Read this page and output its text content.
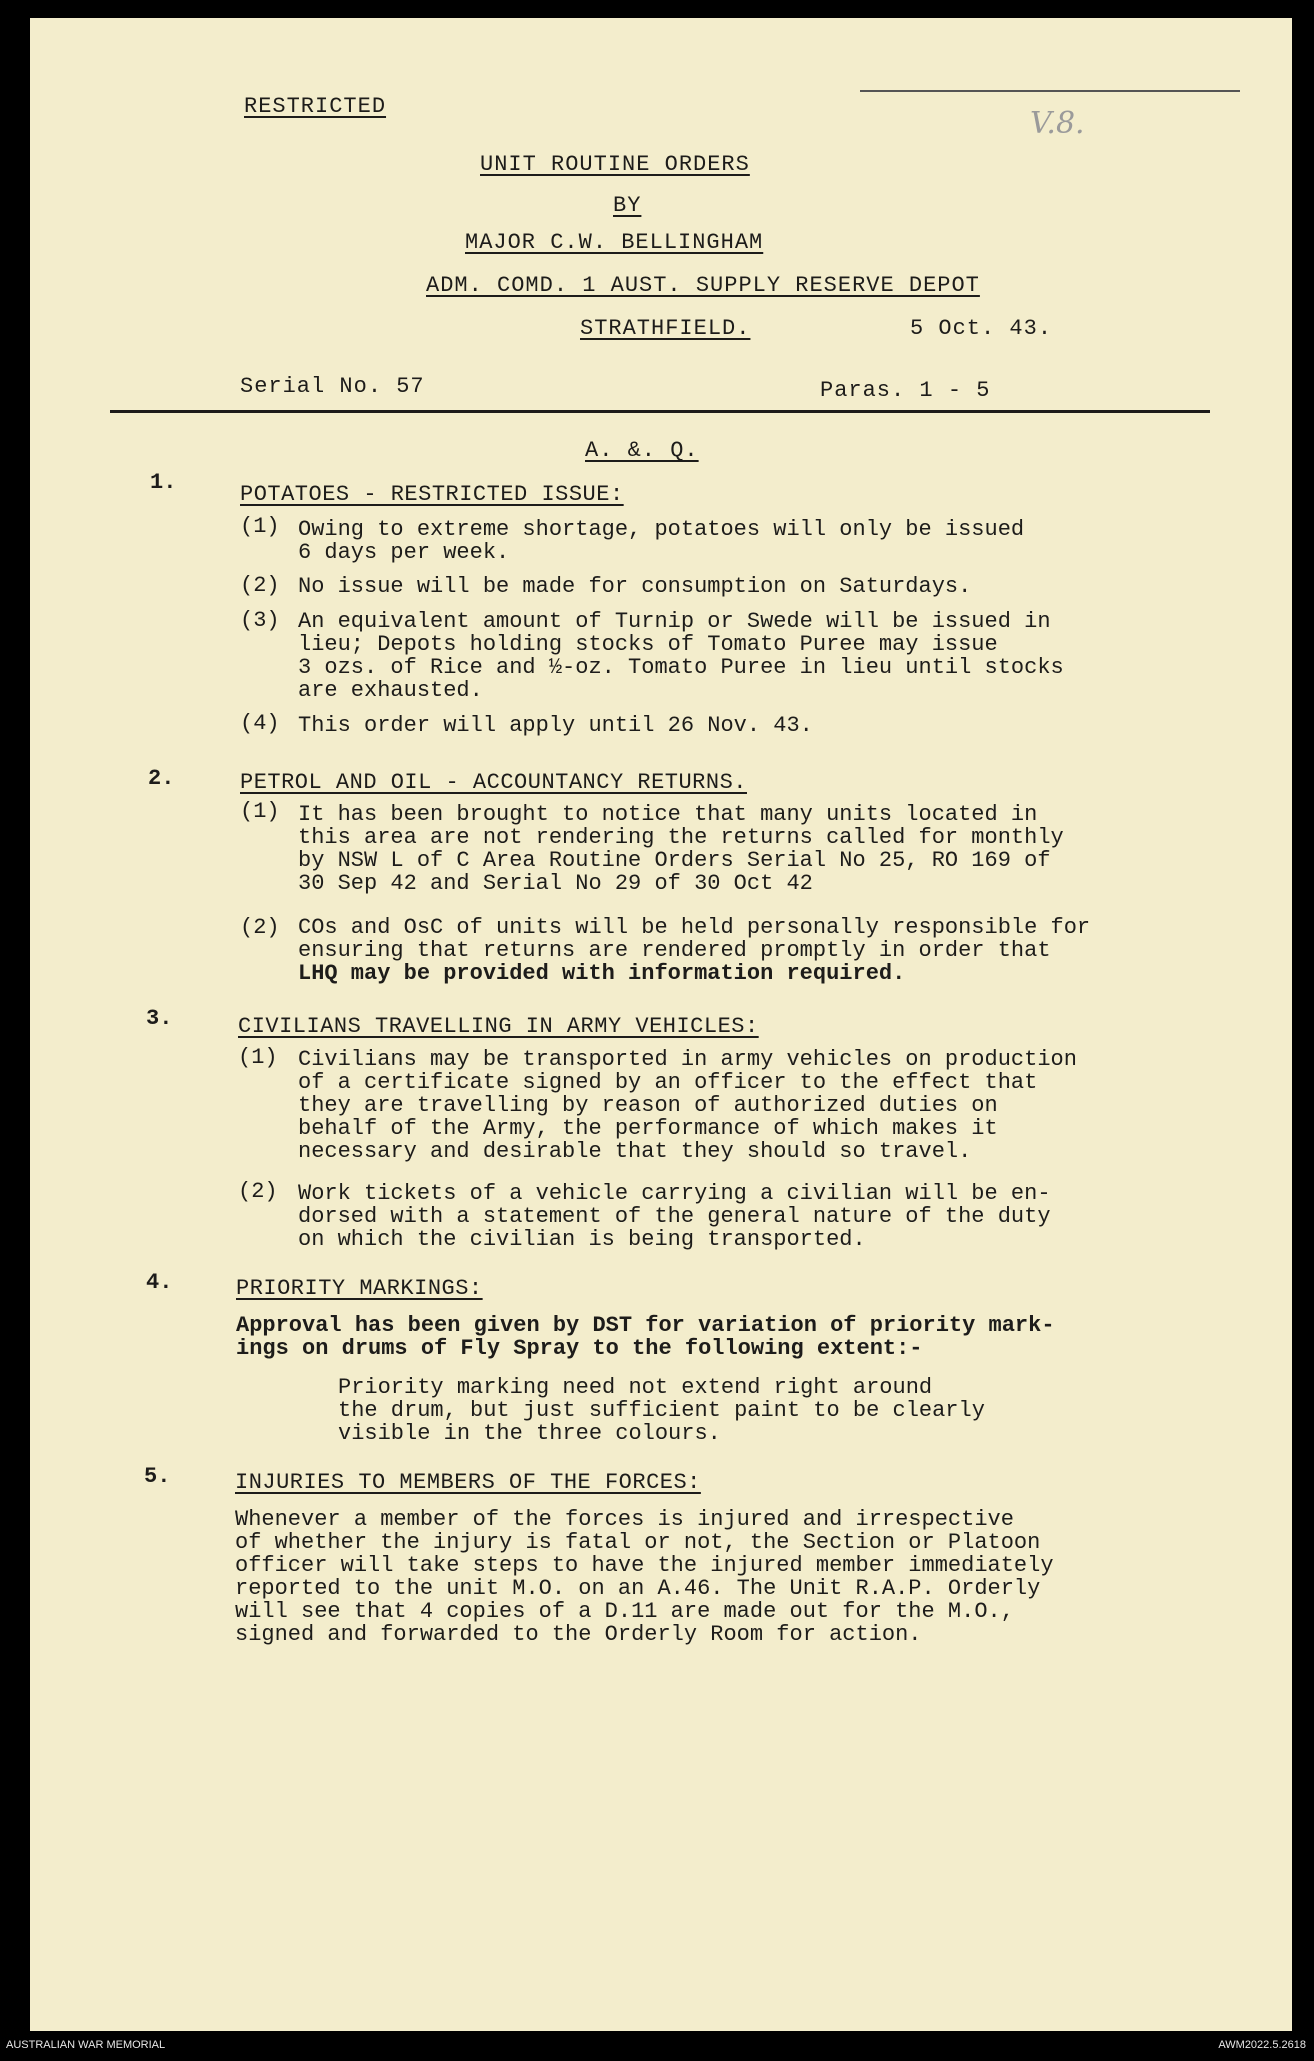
RESTRICTED	V.8.
UNIT ROUTINE ORDERS
BY
MAJOR C.W. BELLINGHAM
ADM. COMD. 1 AUST. SUPPLY RESERVE DEPOT
STRATHFIELD.	5 Oct. 43.
Serial No. 57	Paras. 1 - 5
A. &. Q.
1.	POTATOES - RESTRICTED ISSUE:
(1) Owing to extreme shortage, potatoes will only be issued
6 days per week.
(2) No issue will be made for consumption on Saturdays.
(3) An equivalent amount of Turnip or Swede will be issued in
lieu; Depots holding stocks of Tomato Puree may issue
3 ozs. of Rice and ½-oz. Tomato Puree in lieu until stocks
are exhausted.
(4) This order will apply until 26 Nov. 43.
2.	PETROL AND OIL - ACCOUNTANCY RETURNS.
(1) It has been brought to notice that many units located in
this area are not rendering the returns called for monthly
by NSW L of C Area Routine Orders Serial No 25, RO 169 of
30 Sep 42 and Serial No 29 of 30 Oct 42
(2) COs and OsC of units will be held personally responsible for
ensuring that returns are rendered promptly in order that
LHQ may be provided with information required.
3.	CIVILIANS TRAVELLING IN ARMY VEHICLES:
(1) Civilians may be transported in army vehicles on production
of a certificate signed by an officer to the effect that
they are travelling by reason of authorized duties on
behalf of the Army, the performance of which makes it
necessary and desirable that they should so travel.
(2) Work tickets of a vehicle carrying a civilian will be en-
dorsed with a statement of the general nature of the duty
on which the civilian is being transported.
4.	PRIORITY MARKINGS:
Approval has been given by DST for variation of priority mark-
ings on drums of Fly Spray to the following extent:-
Priority marking need not extend right around
the drum, but just sufficient paint to be clearly
visible in the three colours.
5.	INJURIES TO MEMBERS OF THE FORCES:
Whenever a member of the forces is injured and irrespective
of whether the injury is fatal or not, the Section or Platoon
officer will take steps to have the injured member immediately
reported to the unit M.O. on an A.46. The Unit R.A.P. Orderly
will see that 4 copies of a D.11 are made out for the M.O.,
signed and forwarded to the Orderly Room for action.
AUSTRALIAN WAR MEMORIAL	AWM2022.5.2618
